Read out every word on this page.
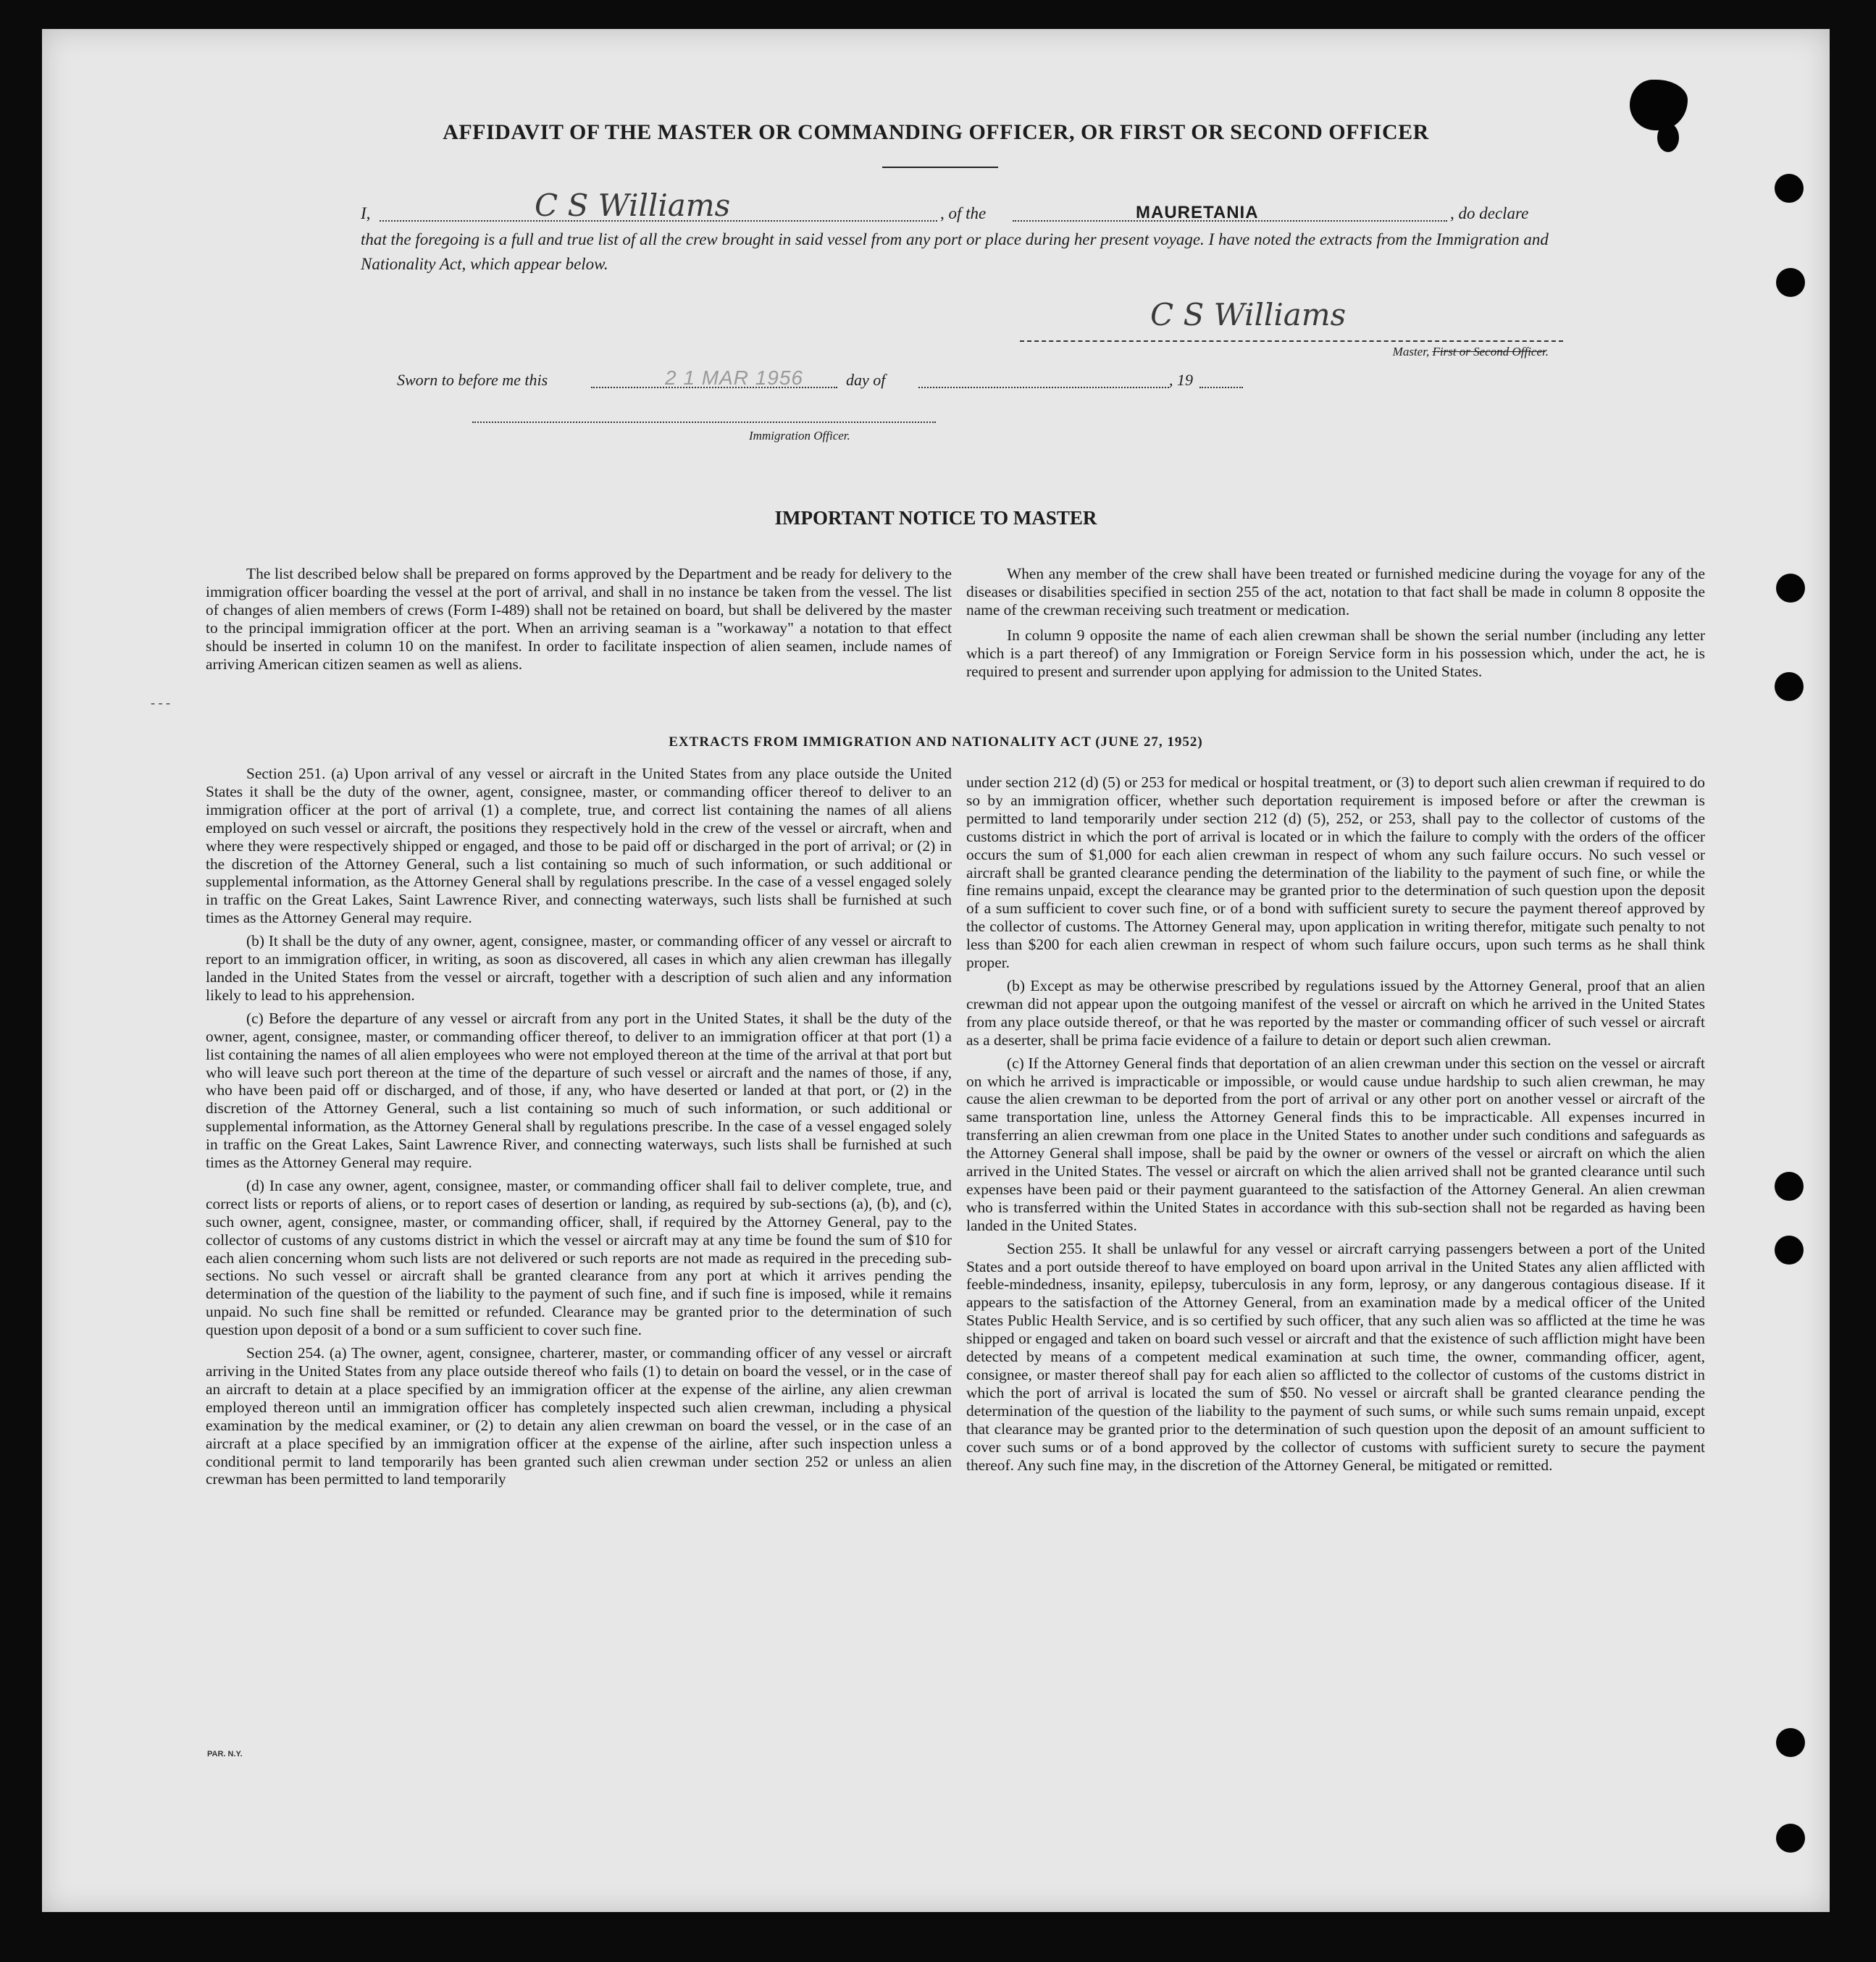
AFFIDAVIT OF THE MASTER OR COMMANDING OFFICER, OR FIRST OR SECOND OFFICER
I,	C S Williams	, of the	MAURETANIA	, do declare
that the foregoing is a full and true list of all the crew brought in said vessel from any port or place during her present voyage. I have noted the extracts from the Immigration and Nationality Act, which appear below.
C S Williams
Master, First or Second Officer.
Sworn to before me this	2 1 MAR 1956	day of	, 19
Immigration Officer.
IMPORTANT NOTICE TO MASTER

The list described below shall be prepared on forms approved by the Department and be ready for delivery to the immigration officer boarding the vessel at the port of arrival, and shall in no instance be taken from the vessel. The list of changes of alien members of crews (Form I-489) shall not be retained on board, but shall be delivered by the master to the principal immigration officer at the port. When an arriving seaman is a "workaway" a notation to that effect should be inserted in column 10 on the manifest. In order to facilitate inspection of alien seamen, include names of arriving American citizen seamen as well as aliens.

When any member of the crew shall have been treated or furnished medicine during the voyage for any of the diseases or disabilities specified in section 255 of the act, notation to that fact shall be made in column 8 opposite the name of the crewman receiving such treatment or medication.

In column 9 opposite the name of each alien crewman shall be shown the serial number (including any letter which is a part thereof) of any Immigration or Foreign Service form in his possession which, under the act, he is required to present and surrender upon applying for admission to the United States.

- - -
EXTRACTS FROM IMMIGRATION AND NATIONALITY ACT (JUNE 27, 1952)

Section 251. (a) Upon arrival of any vessel or aircraft in the United States from any place outside the United States it shall be the duty of the owner, agent, consignee, master, or commanding officer thereof to deliver to an immigration officer at the port of arrival (1) a complete, true, and correct list containing the names of all aliens employed on such vessel or aircraft, the positions they respectively hold in the crew of the vessel or aircraft, when and where they were respectively shipped or engaged, and those to be paid off or discharged in the port of arrival; or (2) in the discretion of the Attorney General, such a list containing so much of such information, or such additional or supplemental information, as the Attorney General shall by regulations prescribe. In the case of a vessel engaged solely in traffic on the Great Lakes, Saint Lawrence River, and connecting waterways, such lists shall be furnished at such times as the Attorney General may require.

(b) It shall be the duty of any owner, agent, consignee, master, or commanding officer of any vessel or aircraft to report to an immigration officer, in writing, as soon as discovered, all cases in which any alien crewman has illegally landed in the United States from the vessel or aircraft, together with a description of such alien and any information likely to lead to his apprehension.

(c) Before the departure of any vessel or aircraft from any port in the United States, it shall be the duty of the owner, agent, consignee, master, or commanding officer thereof, to deliver to an immigration officer at that port (1) a list containing the names of all alien employees who were not employed thereon at the time of the arrival at that port but who will leave such port thereon at the time of the departure of such vessel or aircraft and the names of those, if any, who have been paid off or discharged, and of those, if any, who have deserted or landed at that port, or (2) in the discretion of the Attorney General, such a list containing so much of such information, or such additional or supplemental information, as the Attorney General shall by regulations prescribe. In the case of a vessel engaged solely in traffic on the Great Lakes, Saint Lawrence River, and connecting waterways, such lists shall be furnished at such times as the Attorney General may require.

(d) In case any owner, agent, consignee, master, or commanding officer shall fail to deliver complete, true, and correct lists or reports of aliens, or to report cases of desertion or landing, as required by sub-sections (a), (b), and (c), such owner, agent, consignee, master, or commanding officer, shall, if required by the Attorney General, pay to the collector of customs of any customs district in which the vessel or aircraft may at any time be found the sum of $10 for each alien concerning whom such lists are not delivered or such reports are not made as required in the preceding sub-sections. No such vessel or aircraft shall be granted clearance from any port at which it arrives pending the determination of the question of the liability to the payment of such fine, and if such fine is imposed, while it remains unpaid. No such fine shall be remitted or refunded. Clearance may be granted prior to the determination of such question upon deposit of a bond or a sum sufficient to cover such fine.

Section 254. (a) The owner, agent, consignee, charterer, master, or commanding officer of any vessel or aircraft arriving in the United States from any place outside thereof who fails (1) to detain on board the vessel, or in the case of an aircraft to detain at a place specified by an immigration officer at the expense of the airline, any alien crewman employed thereon until an immigration officer has completely inspected such alien crewman, including a physical examination by the medical examiner, or (2) to detain any alien crewman on board the vessel, or in the case of an aircraft at a place specified by an immigration officer at the expense of the airline, after such inspection unless a conditional permit to land temporarily has been granted such alien crewman under section 252 or unless an alien crewman has been permitted to land temporarily

under section 212 (d) (5) or 253 for medical or hospital treatment, or (3) to deport such alien crewman if required to do so by an immigration officer, whether such deportation requirement is imposed before or after the crewman is permitted to land temporarily under section 212 (d) (5), 252, or 253, shall pay to the collector of customs of the customs district in which the port of arrival is located or in which the failure to comply with the orders of the officer occurs the sum of $1,000 for each alien crewman in respect of whom any such failure occurs. No such vessel or aircraft shall be granted clearance pending the determination of the liability to the payment of such fine, or while the fine remains unpaid, except the clearance may be granted prior to the determination of such question upon the deposit of a sum sufficient to cover such fine, or of a bond with sufficient surety to secure the payment thereof approved by the collector of customs. The Attorney General may, upon application in writing therefor, mitigate such penalty to not less than $200 for each alien crewman in respect of whom such failure occurs, upon such terms as he shall think proper.

(b) Except as may be otherwise prescribed by regulations issued by the Attorney General, proof that an alien crewman did not appear upon the outgoing manifest of the vessel or aircraft on which he arrived in the United States from any place outside thereof, or that he was reported by the master or commanding officer of such vessel or aircraft as a deserter, shall be prima facie evidence of a failure to detain or deport such alien crewman.

(c) If the Attorney General finds that deportation of an alien crewman under this section on the vessel or aircraft on which he arrived is impracticable or impossible, or would cause undue hardship to such alien crewman, he may cause the alien crewman to be deported from the port of arrival or any other port on another vessel or aircraft of the same transportation line, unless the Attorney General finds this to be impracticable. All expenses incurred in transferring an alien crewman from one place in the United States to another under such conditions and safeguards as the Attorney General shall impose, shall be paid by the owner or owners of the vessel or aircraft on which the alien arrived in the United States. The vessel or aircraft on which the alien arrived shall not be granted clearance until such expenses have been paid or their payment guaranteed to the satisfaction of the Attorney General. An alien crewman who is transferred within the United States in accordance with this sub-section shall not be regarded as having been landed in the United States.

Section 255. It shall be unlawful for any vessel or aircraft carrying passengers between a port of the United States and a port outside thereof to have employed on board upon arrival in the United States any alien afflicted with feeble-mindedness, insanity, epilepsy, tuberculosis in any form, leprosy, or any dangerous contagious disease. If it appears to the satisfaction of the Attorney General, from an examination made by a medical officer of the United States Public Health Service, and is so certified by such officer, that any such alien was so afflicted at the time he was shipped or engaged and taken on board such vessel or aircraft and that the existence of such affliction might have been detected by means of a competent medical examination at such time, the owner, commanding officer, agent, consignee, or master thereof shall pay for each alien so afflicted to the collector of customs of the customs district in which the port of arrival is located the sum of $50. No vessel or aircraft shall be granted clearance pending the determination of the question of the liability to the payment of such sums, or while such sums remain unpaid, except that clearance may be granted prior to the determination of such question upon the deposit of an amount sufficient to cover such sums or of a bond approved by the collector of customs with sufficient surety to secure the payment thereof. Any such fine may, in the discretion of the Attorney General, be mitigated or remitted.

PAR. N.Y.
